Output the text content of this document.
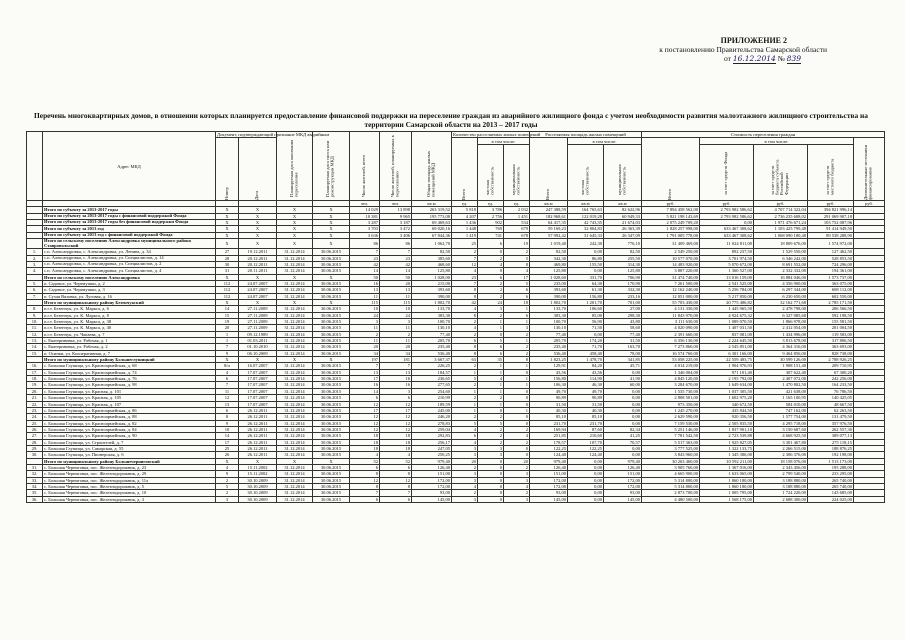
ПРИЛОЖЕНИЕ 2
к постановлению Правительства Самарской области
от 16.12.2014 № 839
Перечень многоквартирных домов, в отношении которых планируется предоставление финансовой поддержки на переселение граждан из аварийного жилищного фонда с учетом необходимости развития малоэтажного жилищного строительства на территории Самарской области на 2013 – 2017 годы
	Адрес МКД	Документ, подтверждающий признание МКД аварийным		Планируемая дата окончания переселения	Планируемая дата сноса или реконструкции МКД	Число жителей, всего	Число жителей, планируемых к переселению	Общая площадь жилых помещений МКД	Количество расселяемых жилых помещений			Расселяемая площадь жилых помещений			Стоимость переселения граждан				

		Номер	Дата						Всего	в том числе:		Всего	в том числе:		Всего	в том числе:			Дополнительные источники финансирования

										частная собственность	муниципальная собственность		частная собственность	муниципальная собственность		за счет средств Фонда	за счет средств бюджета субъекта Российской Федерации	за счет средств местного бюджета	

						чел.	чел.	кв.м	ед.	ед.	ед.	кв.м	кв.м	кв.м	руб.	руб.	руб.	руб.	руб.
	Итого по субъекту за 2013-2017 годы	X	X	X	X	14 029	13 898	263 319,52	5 818	3 786	2 032	247 388,59	164 765,63	82 622,96	7 894 458 562,00	2 793 982 586,62	4 707 714 322,04	394 821 996,14	
	Итого по субъекту за 2013-2017 годы с финансовой поддержкой Фонда	X	X	X	X	10 381	9 965	195 773,08	4 207	2 756	1 451	182 968,61	122 019,28	60 949,33	5 821 198 143,69	2 793 982 586,62	2 736 235 608,02	291 069 907,18	
	Итого по субъекту за 2013-2017 годы без финансовой поддержки Фонда	X	X	X	X	3 287	3 187	69 469,63	1 436	902	534	64 417,35	42 743,35	21 674,03	2 075 249 709,20	0,00	1 971 476 671,24	103 752 087,96	
	Итого по субъекту за 2013 год	X	X	X	X	3 703	3 472	69 020,16	1 448	769	679	59 169,23	32 804,83	26 363,39	1 828 257 998,00	633 467 308,62	1 103 425 799,48	91 414 949,50	
	Итого по субъекту за 2013 год с финансовой поддержкой Фонда	X	X	X	X	3 636	3 406	67 844,36	1 419	741	678	57 992,42	31 645,33	26 347,09	1 791 005 778,00	633 467 308,62	1 068 090 180,48	89 538 288,90	
	Итого по сельскому поселению Александровка муниципального района Ставропольский	X	X	X	X	86	86	1 062,70	25	6	19	1 019,40	242,30	776,10	31 409 469,00	11 024 811,00	18 809 676,00	1 574 972,00	
1.	с.п. Александровка, с. Александровка, ул. Ленина, д. 34	27	19.12.2011	31.12.2014	30.06.2015	7	7	82,50	2	0	2	82,50	0,00	82,50	2 549 250,00	892 237,50	1 529 550,00	127 462,50	
2.	с.п. Александровка, с. Александровка, ул. Специалистов, д. 14	28	20.12.2011	31.12.2014	30.06.2015	23	23	385,60	7	2	5	342,30	86,80	255,50	10 577 070,00	3 701 974,50	6 346 242,00	528 853,50	
3.	с.п. Александровка, с. Александровка, ул. Специалистов, д. 2	30	20.12.2011	31.12.2014	30.06.2015	42	42	468,60	12	4	8	469,80	155,50	314,30	14 483 920,00	5 070 672,00	8 691 552,00	724 296,00	
4.	с.п. Александровка, с. Александровка, ул. Специалистов, д. 4	31	20.11.2011	31.12.2014	30.06.2015	14	14	125,80	4	0	4	125,80	0,00	125,80	3 887 220,00	1 360 527,00	2 332 332,00	194 361,00	
	Итого по сельскому поселению Александровка	X	X	X	X	50	50	1 028,00	23	6	17	1 028,60	331,70	706,90	31 474 740,00	13 016 159,00	16 884 046,00	1 573 737,00	
5.	п. Садовое, ул. Черемушки, д. 2	112	24.07.2007	31.12.2014	30.06.2015	16	20	215,00	7	2	5	235,00	64,30	170,90	7 261 500,00	2 541 525,00	4 356 900,00	363 075,00	
6.	п. Садовое, ул. Черемушки, д. 3	112	24.07.2007	31.12.2014	30.06.2015	13	13	393,60	8	2	6	393,60	61,30	332,30	12 162 240,00	5 256 784,00	6 297 344,00	608 112,00	
7.	п. Сухая Вязовка, ул. Луговая, д. 16	112	24.07.2007	31.12.2014	30.06.2015	11	11	390,00	8	2	6	390,00	156,80	233,16	12 051 000,00	5 217 850,00	6 230 650,00	602 550,00	
	Итого по муниципальному району Безенчукский	X	X	X	X	115	115	1 802,70	42	24	18	1 802,70	1 201,70	701,00	55 703 430,00	20 775 486,82	32 162 771,68	2 785 171,50	
8.	п.г.т. Безенчук, ул. К. Маркса, д. 6	14	27.11.2009	31.12.2014	30.06.2015	10	10	133,70	4	3	1	133,70	106,60	27,00	4 131 330,00	1 445 965,50	2 478 798,00	206 566,50	
9.	п.г.т. Безенчук, ул. К. Маркса, д. 8	15	27.11.2009	31.12.2014	30.06.2015	24	24	383,30	8	2	6	383,30	85,00	298,30	11 843 970,00	4 924 675,32	6 327 085,68	592 198,50	
10.	п.г.т. Безенчук, ул. К. Маркса, д. 38	19	27.11.2009	31.12.2014	30.06.2015	3	3	100,70	2	1	1	100,70	56,90	43,80	3 111 630,00	1 089 070,50	1 866 978,00	155 581,50	
11.	п.г.т. Безенчук, ул. К. Маркса, д. 40	20	27.11.2009	31.12.2014	30.06.2015	11	11	130,10	4	1	3	130,10	71,50	58,60	4 020 090,00	1 407 031,50	2 412 054,00	201 004,50	
12.	п.г.т. Безенчук, ул. Чапаева, д. 7	1	09.12.1989	31.12.2014	30.06.2015	2	2	77,40	2	0	2	77,40	0,00	77,40	2 391 660,00	837 081,00	1 434 996,00	119 583,00	
13.	с. Екатериновка, ул. Рабочая, д. 1	1	01.03.2011	31.12.2014	30.06.2015	11	11	205,70	6	5	1	205,70	174,20	31,50	6 356 130,00	2 224 645,50	3 813 678,00	317 806,50	
14.	с. Екатериновка, ул. Рабочая, д. 2	7	01.10.2010	31.12.2014	30.06.2015	20	20	235,40	8	6	2	235,40	71,70	163,70	7 273 860,00	2 545 851,00	4 364 316,00	363 693,00	
15.	п. Осинки, ул. Кооперативная, д. 7	9	06.10.2009	31.12.2014	30.06.2015	34	34	536,40	8	6	2	536,40	458,40	78,00	16 574 760,00	6 301 166,00	9 464 856,00	828 738,00	
	Итого по муниципальному району Большеглушицкий	X	X	X	X	197	181	3 667,37	63	35	8	1 823,25	1 478,70	341,85	53 058 225,00	22 559 483,75	30 599 126,00	2 788 926,25	
16.	с. Большая Глушица, ул. Красноармейская, д. 68	8/п	16.07.2007	31.12.2014	30.06.2015	7	7	226,25	2	1	1	129,91	84,20	45,71	4 014 219,00	1 904 976,93	1 908 151,40	209 710,95	
17.	с. Большая Глушица, ул. Красноармейская, д. 74	4	17.07.2007	31.12.2014	30.06.2015	13	13	184,57	1	1	0	43,56	43,56	0,00	1 346 004,00	971 101,40	307 622,40	67 300,20	
18.	с. Большая Глушица, ул. Красноармейская, д. 76	6	17.07.2007	31.12.2014	30.06.2015	17	16	236,65	5	4	1	156,80	114,90	41,90	4 845 120,00	2 195 792,00	2 407 072,00	242 256,00	
19.	с. Большая Глушица, ул. Красноармейская, д. 98	7	17.07.2007	31.12.2014	30.06.2015	16	16	277,65	2	1	1	106,30	46,30	60,00	3 284 670,00	1 649 634,00	1 470 802,50	164 233,50	
20.	с. Большая Глушица, ул. Красная, д. 101	11	17.07.2007	31.12.2014	30.06.2015	14	3	254,60	1	1	0	49,70	49,70	0,00	1 535 730,00	1 037 305,50	421 638,00	76 786,50	
21.	с. Большая Глушица, ул. Красная, д. 105	12	17.07.2007	31.12.2014	30.06.2015	6	6	210,99	2	2	0	90,89	90,89	0,00	2 808 501,00	1 602 975,20	1 165 100,95	140 425,05	
22.	с. Большая Глушица, ул. Красная, д. 107	13	17.07.2007	31.12.2014	30.06.2015	12	12	189,59	1	1	0	31,50	31,50	0,00	973 350,00	340 672,50	584 010,00	48 667,50	
23.	с. Большая Глушица, ул. Красноармейская, д. 86	6	26.12.2011	31.12.2014	30.06.2015	17	17	245,00	1	0	1	40,30	40,30	0,00	1 245 270,00	435 844,50	747 162,00	62 263,50	
24.	с. Большая Глушица, ул. Красноармейская, д. 88	8	26.12.2011	31.12.2014	30.06.2015	12	12	246,20	2	2	0	85,10	85,10	0,00	2 629 590,00	920 356,50	1 577 754,00	131 479,50	
25.	с. Большая Глушица, ул. Красноармейская, д. 82	9	26.12.2011	31.12.2014	30.06.2015	12	12	278,83	5	5	0	231,70	231,70	0,00	7 159 530,00	2 505 835,50	4 295 718,00	357 976,50	
26.	с. Большая Глушица, ул. Красноармейская, д. 84	10	26.12.2011	31.12.2014	30.06.2015	12	12	259,04	4	2	2	169,94	87,60	82,34	5 251 146,00	1 837 901,10	3 150 687,60	262 557,30	
27.	с. Большая Глушица, ул. Красноармейская, д. 90	14	26.12.2011	31.12.2014	30.06.2015	18	18	292,83	6	2	4	251,85	210,60	41,25	7 781 542,50	2 723 539,88	4 668 925,50	389 077,13	
28.	с. Большая Глушица, ул. Строителей, д. 7	17	26.12.2011	31.12.2014	30.06.2015	18	18	256,17	4	2	2	178,57	107,70	70,57	5 517 363,00	1 925 827,05	3 301 467,80	275 118,15	
29.	с. Большая Глушица, ул. Самарская, д. 55	25	26.12.2011	31.12.2014	30.06.2015	18	18	247,05	3	3	0	122,25	122,25	0,00	3 777 525,00	1 322 133,75	2 266 515,00	188 876,25	
30.	с. Большая Глушица, ул. Пионерская, д. 6	26	26.12.2011	31.12.2014	30.06.2015	4	4	250,25	3	3	0	124,40	124,40	0,00	3 843 960,00	1 345 386,00	2 306 376,00	192 198,00	
	Итого по муниципальному району Большечерниговский	X	X	X	X	52	52	979,40	20	0	20	979,40	0,00	979,40	30 263 460,00	10 592 211,00	18 158 076,00	1 513 173,00	
31.	с. Большая Черниговка, пос. Железнодорожник, д. 23	4	15.11.2002	31.12.2014	30.06.2015	6	6	126,40	2	0	2	126,40	0,00	126,40	3 905 760,00	1 367 016,00	2 343 456,00	195 288,00	
32.	с. Большая Черниговка, пос. Железнодорожник, д. 29	9	15.11.2002	31.12.2014	30.06.2015	8	8	151,00	3	0	3	151,00	0,00	151,00	4 665 900,00	1 633 065,00	2 799 540,00	233 295,00	
33.	с. Большая Черниговка, пос. Железнодорожник, д. 11а	2	30.10.2009	31.12.2014	30.06.2015	12	12	172,00	3	0	3	172,00	0,00	172,00	5 314 800,00	1 860 180,00	3 188 880,00	265 740,00	
34.	с. Большая Черниговка, пос. Железнодорожник, д. 5	5	30.10.2009	31.12.2014	30.06.2015	8	8	172,00	4	0	4	172,00	0,00	172,00	5 314 800,00	1 860 180,00	3 188 880,00	265 740,00	
35.	с. Большая Черниговка, пос. Железнодорожник, д. 10	2	30.10.2009	31.12.2014	30.06.2015	7	7	93,00	2	0	2	93,00	0,00	93,00	2 873 700,00	1 005 795,00	1 724 220,00	143 685,00	
36.	с. Большая Черниговка, пос. Железнодорожник, д. 3	3	30.10.2009	31.12.2014	30.06.2015	6	6	145,00	3	0	3	145,00	0,00	145,00	4 480 500,00	1 568 175,00	2 688 300,00	224 025,00	
